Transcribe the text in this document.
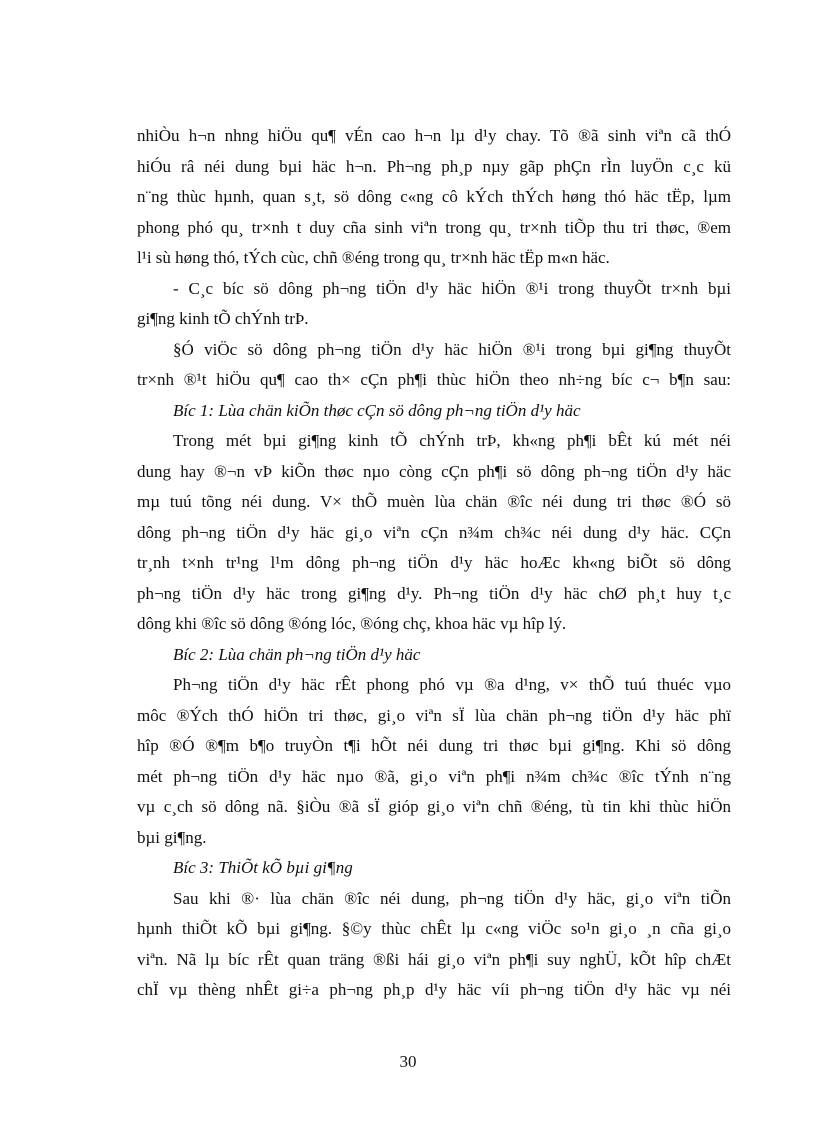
nhiÒu h¬n nhng hiÖu qu¶ vÉn cao h¬n lµ d¹y chay. Tõ ®ã sinh viªn cã thÓ
hiÓu râ néi dung bµi häc h¬n. Ph¬ng ph¸p nµy gãp phÇn rÌn luyÖn c¸c kü
n¨ng thùc hµnh, quan s¸t, sö dông c«ng cô kÝch thÝch høng thó häc tËp, lµm
phong phó qu¸ tr×nh t duy cña sinh viªn trong qu¸ tr×nh tiÕp thu tri thøc, ®em
l¹i sù høng thó, tÝch cùc, chñ ®éng trong qu¸ tr×nh häc tËp m«n häc.
- C¸c bíc sö dông ph¬ng tiÖn d¹y häc hiÖn ®¹i trong thuyÕt tr×nh bµi
gi¶ng kinh tÕ chÝnh trÞ.
§Ó viÖc sö dông ph¬ng tiÖn d¹y häc hiÖn ®¹i trong bµi gi¶ng thuyÕt
tr×nh ®¹t hiÖu qu¶ cao th× cÇn ph¶i thùc hiÖn theo nh÷ng bíc c¬ b¶n sau:
Bíc 1: Lùa chän kiÕn thøc cÇn sö dông ph¬ng tiÖn d¹y häc
Trong mét bµi gi¶ng kinh tÕ chÝnh trÞ, kh«ng ph¶i bÊt kú mét néi
dung hay ®¬n vÞ kiÕn thøc nµo còng cÇn ph¶i sö dông ph¬ng tiÖn d¹y häc
mµ tuú tõng néi dung. V× thÕ muèn lùa chän ®îc néi dung tri thøc ®Ó sö
dông ph¬ng tiÖn d¹y häc gi¸o viªn cÇn n¾m ch¾c néi dung d¹y häc. CÇn
tr¸nh t×nh tr¹ng l¹m dông ph¬ng tiÖn d¹y häc hoÆc kh«ng biÕt sö dông
ph¬ng tiÖn d¹y häc trong gi¶ng d¹y. Ph¬ng tiÖn d¹y häc chØ ph¸t huy t¸c
dông khi ®îc sö dông ®óng lóc, ®óng chç, khoa häc vµ hîp lý.
Bíc 2: Lùa chän ph¬ng tiÖn d¹y häc
Ph¬ng tiÖn d¹y häc rÊt phong phó vµ ®a d¹ng, v× thÕ tuú thuéc vµo
môc ®Ých thÓ hiÖn tri thøc, gi¸o viªn sÏ lùa chän ph¬ng tiÖn d¹y häc phï
hîp ®Ó ®¶m b¶o truyÒn t¶i hÕt néi dung tri thøc bµi gi¶ng. Khi sö dông
mét ph¬ng tiÖn d¹y häc nµo ®ã, gi¸o viªn ph¶i n¾m ch¾c ®îc tÝnh n¨ng
vµ c¸ch sö dông nã. §iÒu ®ã sÏ gióp gi¸o viªn chñ ®éng, tù tin khi thùc hiÖn
bµi gi¶ng.
Bíc 3: ThiÕt kÕ bµi gi¶ng
Sau khi ®· lùa chän ®îc néi dung, ph¬ng tiÖn d¹y häc, gi¸o viªn tiÕn
hµnh thiÕt kÕ bµi gi¶ng. §©y thùc chÊt lµ c«ng viÖc so¹n gi¸o ¸n cña gi¸o
viªn. Nã lµ bíc rÊt quan träng ®ßi hái gi¸o viªn ph¶i suy nghÜ, kÕt hîp chÆt
chÏ vµ thèng nhÊt gi÷a ph¬ng ph¸p d¹y häc víi ph¬ng tiÖn d¹y häc vµ néi
30
